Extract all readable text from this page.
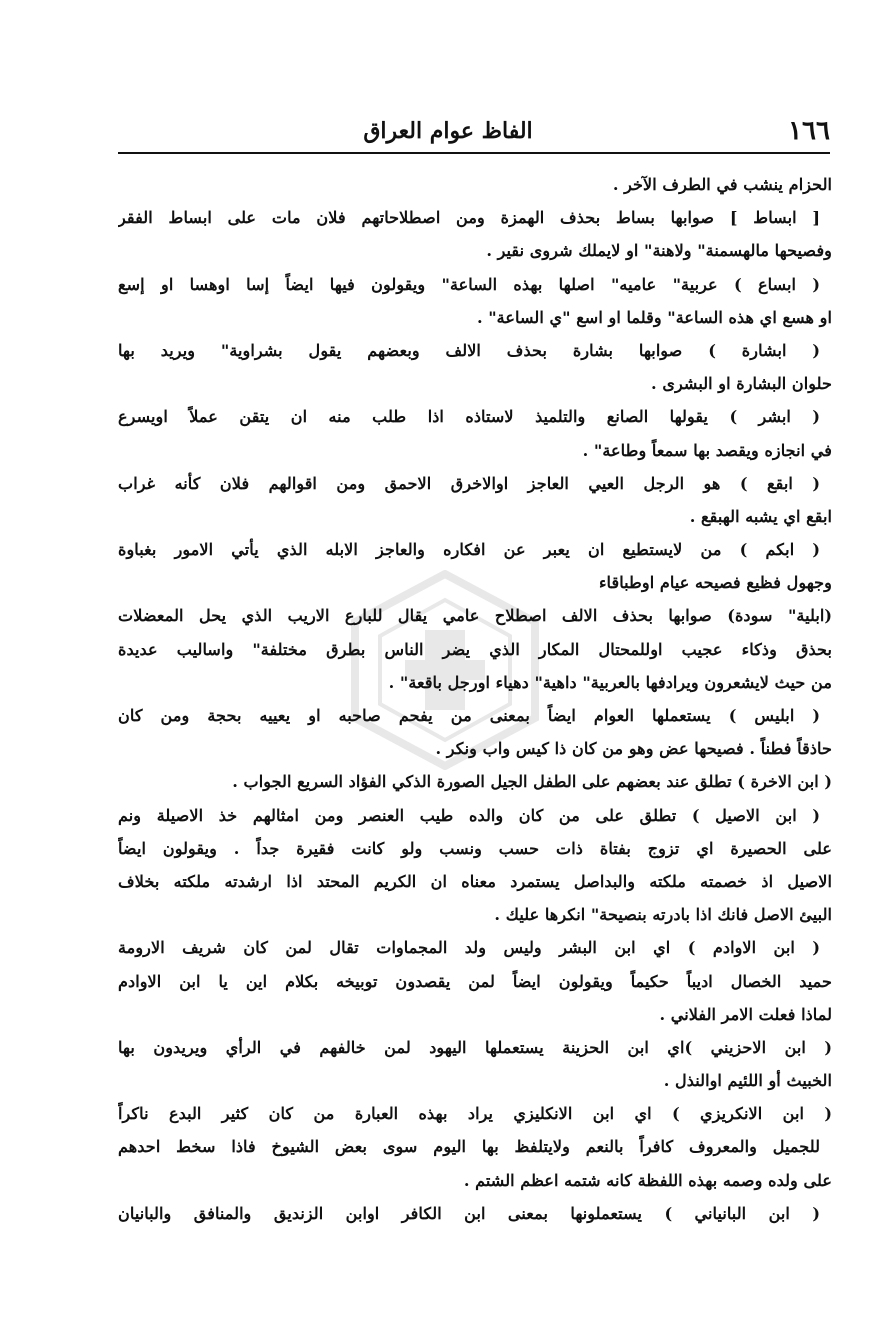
١٦٦
الفاظ عوام العراق
الحزام ينشب في الطرف الآخر .
[ ابساط ] صوابها بساط بحذف الهمزة ومن اصطلاحاتهم فلان مات على ابساط الفقر
وفصيحها مالهسمنة" ولاهنة" او لايملك شروى نقير .
( ابساع ) عربية" عاميه" اصلها بهذه الساعة" ويقولون فيها ايضاً إسا اوهسا او إسع
او هسع اي هذه الساعة" وقلما او اسع "ي الساعة" .
( ابشارة ) صوابها بشارة بحذف الالف وبعضهم يقول بشراوية" ويريد بها
حلوان البشارة او البشرى .
( ابشر ) يقولها الصانع والتلميذ لاستاذه اذا طلب منه ان يتقن عملاً اويسرع
في انجازه ويقصد بها سمعاً وطاعة" .
( ابقع ) هو الرجل العيي العاجز اوالاخرق الاحمق ومن اقوالهم فلان كأنه غراب
ابقع اي يشبه الهبقع .
( ابكم ) من لايستطيع ان يعبر عن افكاره والعاجز الابله الذي يأتي الامور بغباوة
وجهول فظيع فصيحه عيام اوطباقاء
(ابلية" سودة) صوابها بحذف الالف اصطلاح عامي يقال للبارع الاريب الذي يحل المعضلات
بحذق وذكاء عجيب اوللمحتال المكار الذي يضر الناس بطرق مختلفة" واساليب عديدة
من حيث لايشعرون ويرادفها بالعربية" داهية" دهياء اورجل باقعة" .
( ابليس ) يستعملها العوام ايضاً بمعنى من يفحم صاحبه او يعييه بحجة ومن كان
حاذقاً فطناً . فصيحها عض وهو من كان ذا كيس واب ونكر .
( ابن الاخرة ) تطلق عند بعضهم على الطفل الجيل الصورة الذكي الفؤاد السريع الجواب .
( ابن الاصيل ) تطلق على من كان والده طيب العنصر ومن امثالهم خذ الاصيلة ونم
على الحصيرة اي تزوج بفتاة ذات حسب ونسب ولو كانت فقيرة جداً . ويقولون ايضاً
الاصيل اذ خصمته ملكته والبداصل يستمرد معناه ان الكريم المحتد اذا ارشدته ملكته بخلاف
البيئ الاصل فانك اذا بادرته بنصيحة" انكرها عليك .
( ابن الاوادم ) اي ابن البشر وليس ولد المجماوات تقال لمن كان شريف الارومة
حميد الخصال اديباً حكيماً ويقولون ايضاً لمن يقصدون توبيخه بكلام اين يا ابن الاوادم
لماذا فعلت الامر الفلاني .
( ابن الاحزيني )اي ابن الحزينة يستعملها اليهود لمن خالفهم في الرأي ويريدون بها
الخبيث أو اللئيم اوالنذل .
( ابن الانكريزي ) اي ابن الانكليزي يراد بهذه العبارة من كان كثير البدع ناكراً
للجميل والمعروف كافراً بالنعم ولايتلفظ بها اليوم سوى بعض الشيوخ فاذا سخط احدهم
على ولده وصمه بهذه اللفظة كانه شتمه اعظم الشتم .
( ابن البانياني ) يستعملونها بمعنى ابن الكافر اوابن الزنديق والمنافق والبانيان
